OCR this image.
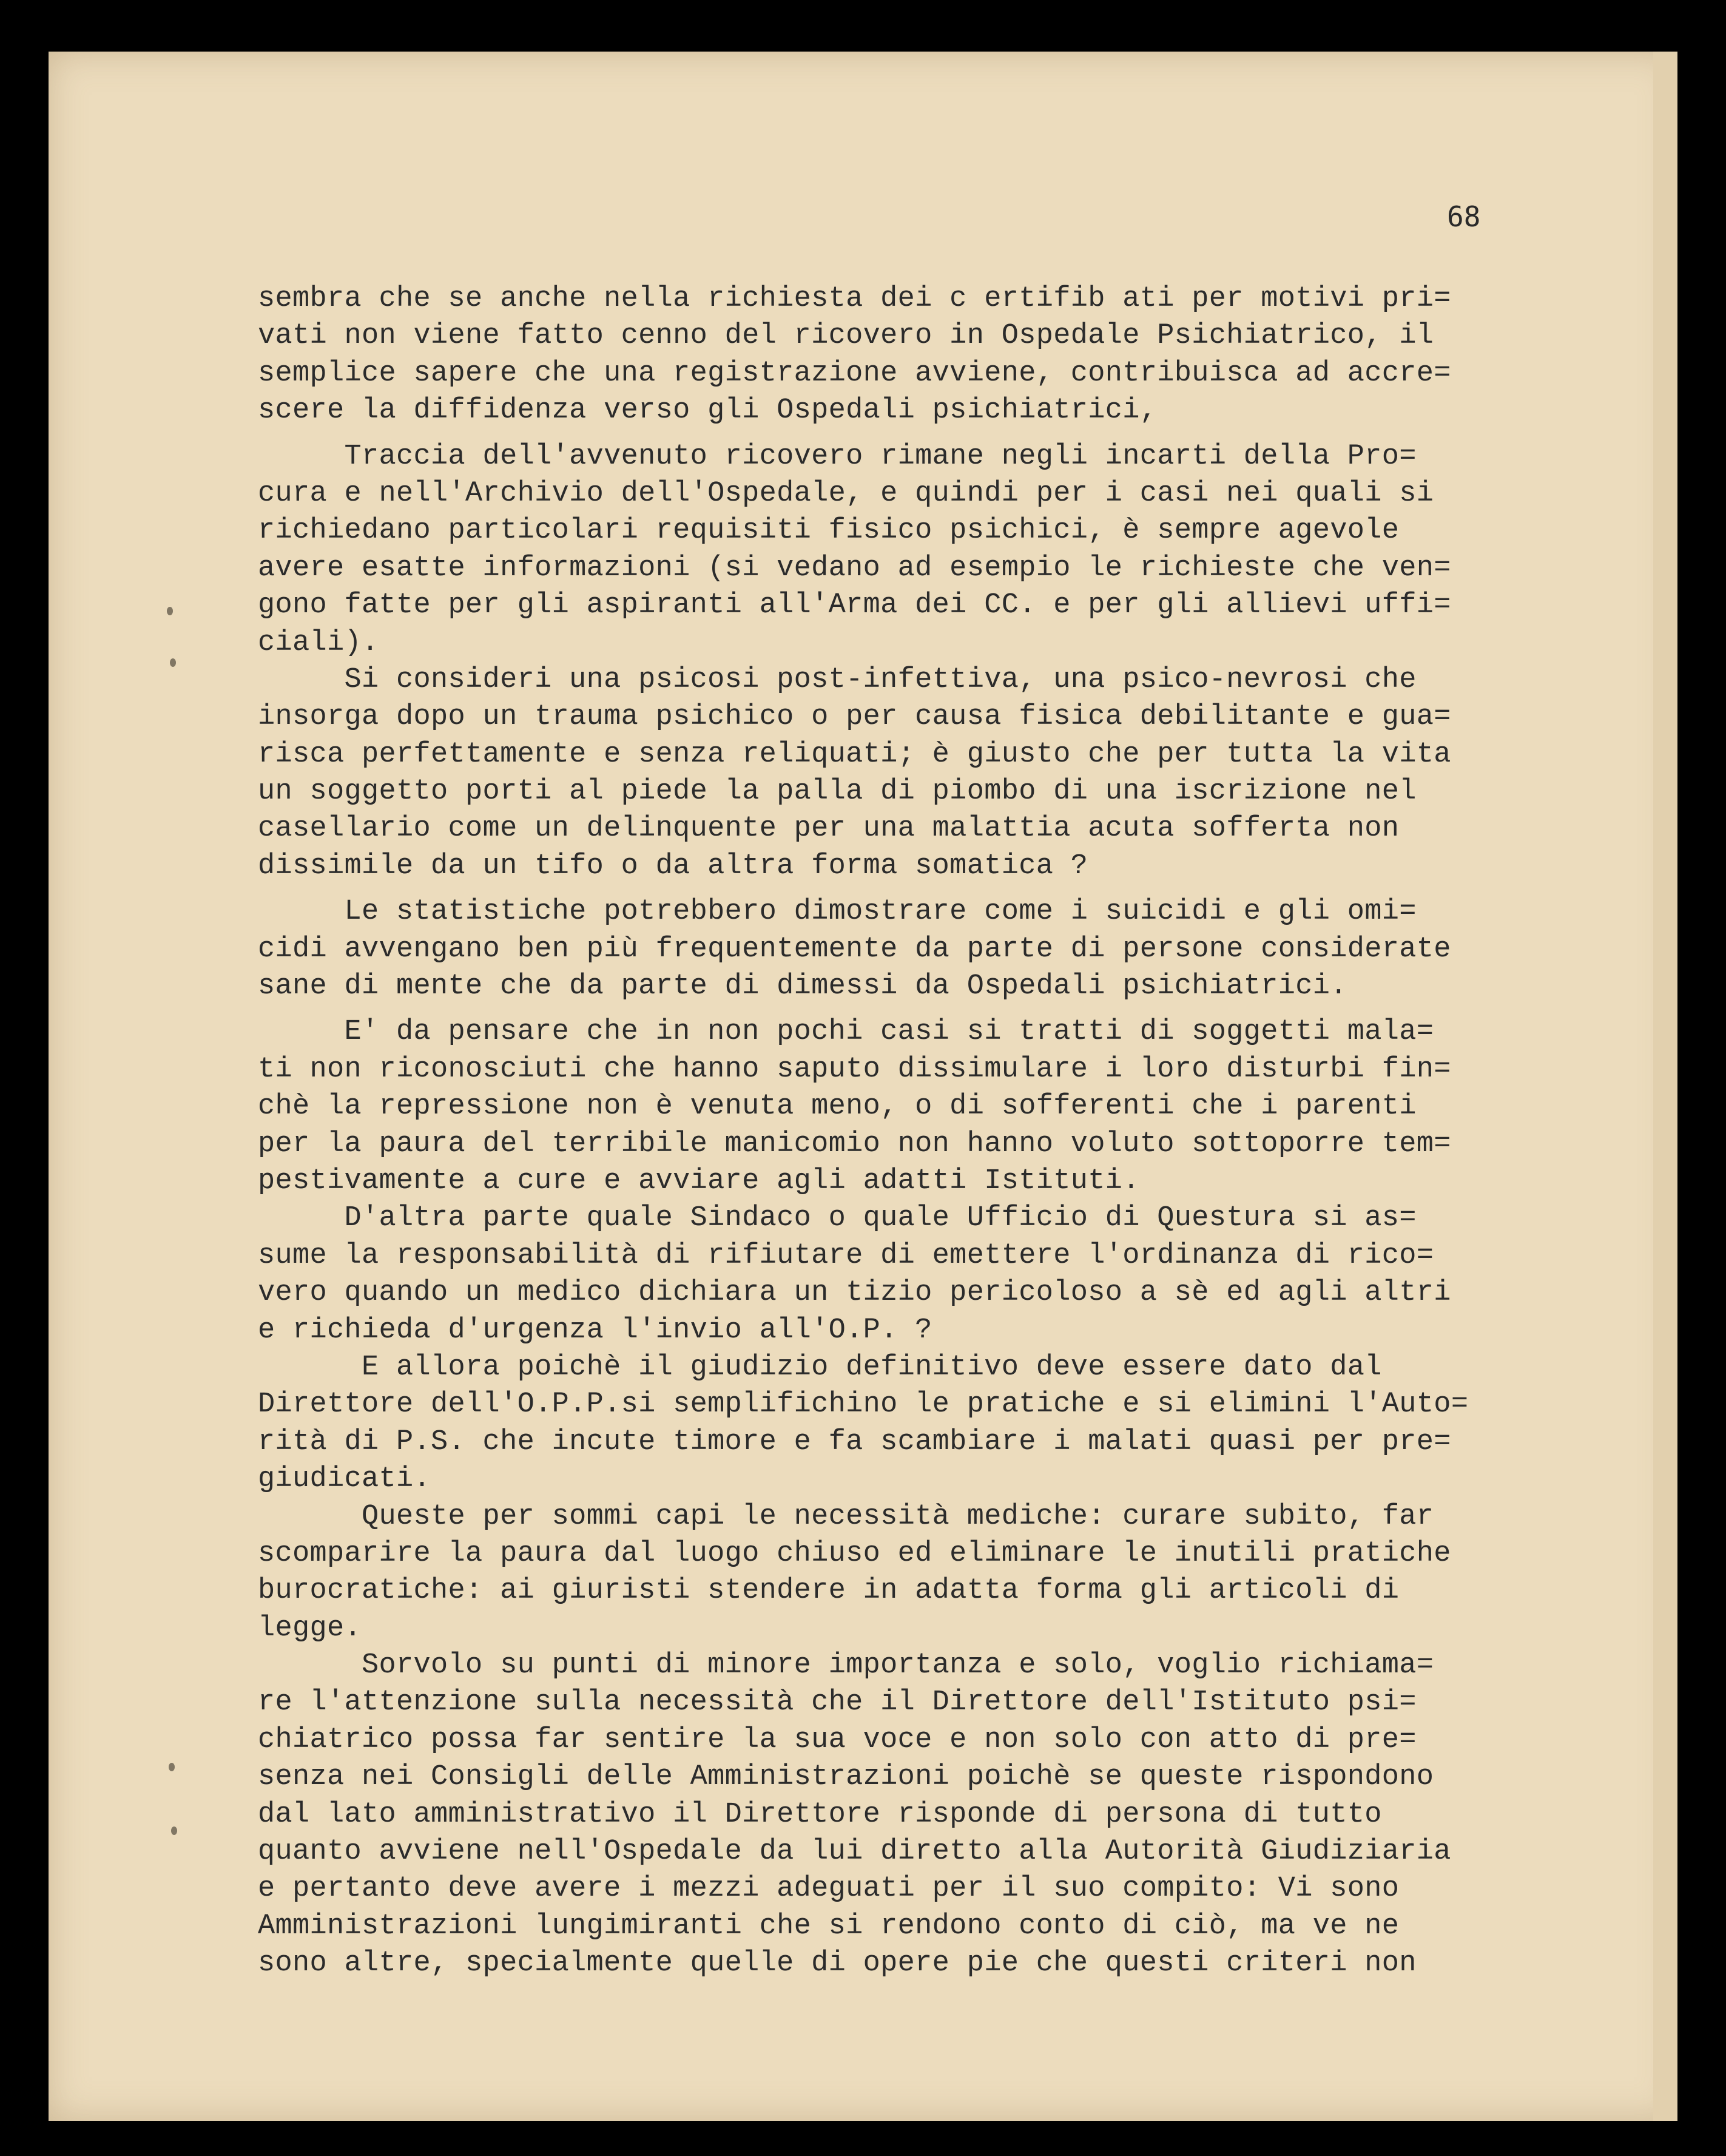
68
sembra che se anche nella richiesta dei c ertifib ati per motivi pri=
vati non viene fatto cenno del ricovero in Ospedale Psichiatrico, il
semplice sapere che una registrazione avviene, contribuisca ad accre=
scere la diffidenza verso gli Ospedali psichiatrici,
Traccia dell'avvenuto ricovero rimane negli incarti della Pro=
cura e nell'Archivio dell'Ospedale, e quindi per i casi nei quali si
richiedano particolari requisiti fisico psichici, è sempre agevole
avere esatte informazioni (si vedano ad esempio le richieste che ven=
gono fatte per gli aspiranti all'Arma dei CC. e per gli allievi uffi=
ciali).
Si consideri una psicosi post-infettiva, una psico-nevrosi che
insorga dopo un trauma psichico o per causa fisica debilitante e gua=
risca perfettamente e senza reliquati; è giusto che per tutta la vita
un soggetto porti al piede la palla di piombo di una iscrizione nel
casellario come un delinquente per una malattia acuta sofferta non
dissimile da un tifo o da altra forma somatica ?
Le statistiche potrebbero dimostrare come i suicidi e gli omi=
cidi avvengano ben più frequentemente da parte di persone considerate
sane di mente che da parte di dimessi da Ospedali psichiatrici.
E' da pensare che in non pochi casi si tratti di soggetti mala=
ti non riconosciuti che hanno saputo dissimulare i loro disturbi fin=
chè la repressione non è venuta meno, o di sofferenti che i parenti
per la paura del terribile manicomio non hanno voluto sottoporre tem=
pestivamente a cure e avviare agli adatti Istituti.
D'altra parte quale Sindaco o quale Ufficio di Questura si as=
sume la responsabilità di rifiutare di emettere l'ordinanza di rico=
vero quando un medico dichiara un tizio pericoloso a sè ed agli altri
e richieda d'urgenza l'invio all'O.P. ?
E allora poichè il giudizio definitivo deve essere dato dal
Direttore dell'O.P.P.si semplifichino le pratiche e si elimini l'Auto=
rità di P.S. che incute timore e fa scambiare i malati quasi per pre=
giudicati.
Queste per sommi capi le necessità mediche: curare subito, far
scomparire la paura dal luogo chiuso ed eliminare le inutili pratiche
burocratiche: ai giuristi stendere in adatta forma gli articoli di
legge.
Sorvolo su punti di minore importanza e solo, voglio richiama=
re l'attenzione sulla necessità che il Direttore dell'Istituto psi=
chiatrico possa far sentire la sua voce e non solo con atto di pre=
senza nei Consigli delle Amministrazioni poichè se queste rispondono
dal lato amministrativo il Direttore risponde di persona di tutto
quanto avviene nell'Ospedale da lui diretto alla Autorità Giudiziaria
e pertanto deve avere i mezzi adeguati per il suo compito: Vi sono
Amministrazioni lungimiranti che si rendono conto di ciò, ma ve ne
sono altre, specialmente quelle di opere pie che questi criteri non
